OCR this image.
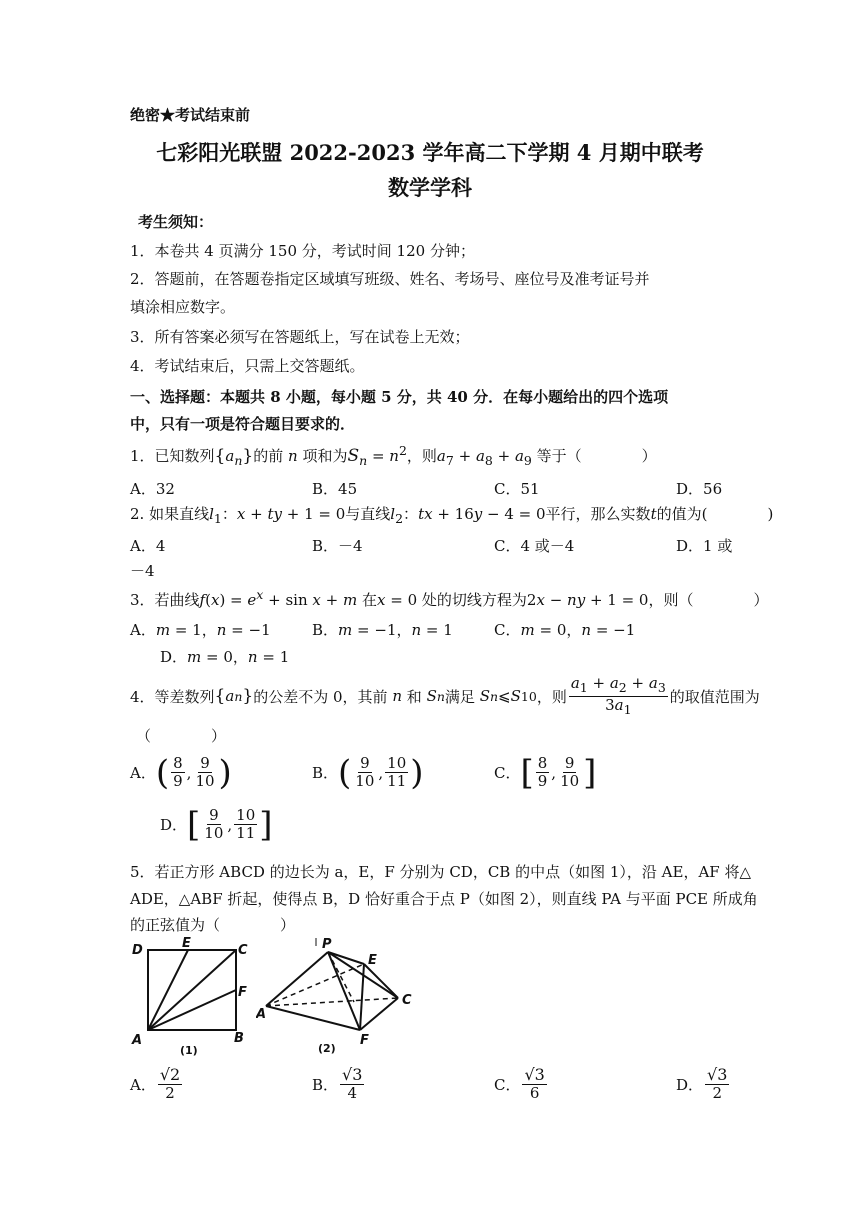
绝密★考试结束前
七彩阳光联盟 2022-2023 学年高二下学期 4 月期中联考
数学学科
考生须知：
1．本卷共 4 页满分 150 分，考试时间 120 分钟；
2．答题前，在答题卷指定区域填写班级、姓名、考场号、座位号及准考证号并
填涂相应数字。
3．所有答案必须写在答题纸上，写在试卷上无效；
4．考试结束后，只需上交答题纸。
一、选择题：本题共 8 小题，每小题 5 分，共 40 分．在每小题给出的四个选项
中，只有一项是符合题目要求的．
1．已知数列$\{a_n\}$的前 n 项和为$S_n = n^2$，则$a_7 + a_8 + a_9$ 等于（　　　　）
A．32	B．45	C．51	D．56
2. 如果直线$l_1$：x + ty + 1 = 0与直线$l_2$：tx + 16y − 4 = 0平行，那么实数t的值为(　　　　)
A．4	B．－4	C．4 或－4	D．1 或
－4
3．若曲线$f(x) = e^x + \sin x + m$ 在x = 0 处的切线方程为2x − ny + 1 = 0，则（　　　　）
A．m = 1，n = −1	B．m = −1，n = 1	C．m = 0，n = −1
D．m = 0，n = 1
4．等差数列 { a n } 的公差不为 0，其前
n
和
S n 满足
S n ⩽ S 10 ，则 $\frac{a_1 + a_2 + a_3}{3a_1}$ 的取值范围为
（　　　　）
A． ( $\frac{8}{9}$ , $\frac{9}{10}$ )	B． ( $\frac{9}{10}$ , $\frac{10}{11}$ )	C． [ $\frac{8}{9}$ , $\frac{9}{10}$ ]
D． [ $\frac{9}{10}$ , $\frac{10}{11}$ ]
5．若正方形 ABCD 的边长为 a，E，F 分别为 CD，CB 的中点（如图 1），沿 AE，AF 将△
ADE，△ABF 折起，使得点 B，D 恰好重合于点 P（如图 2），则直线 PA 与平面 PCE 所成角
的正弦值为（　　　　）
D	E	C
F
A	B
(1)
P
E
A
C
F
(2)
A． $\frac{√2}{2}$	B． $\frac{√3}{4}$	C． $\frac{√3}{6}$	D． $\frac{√3}{2}$
